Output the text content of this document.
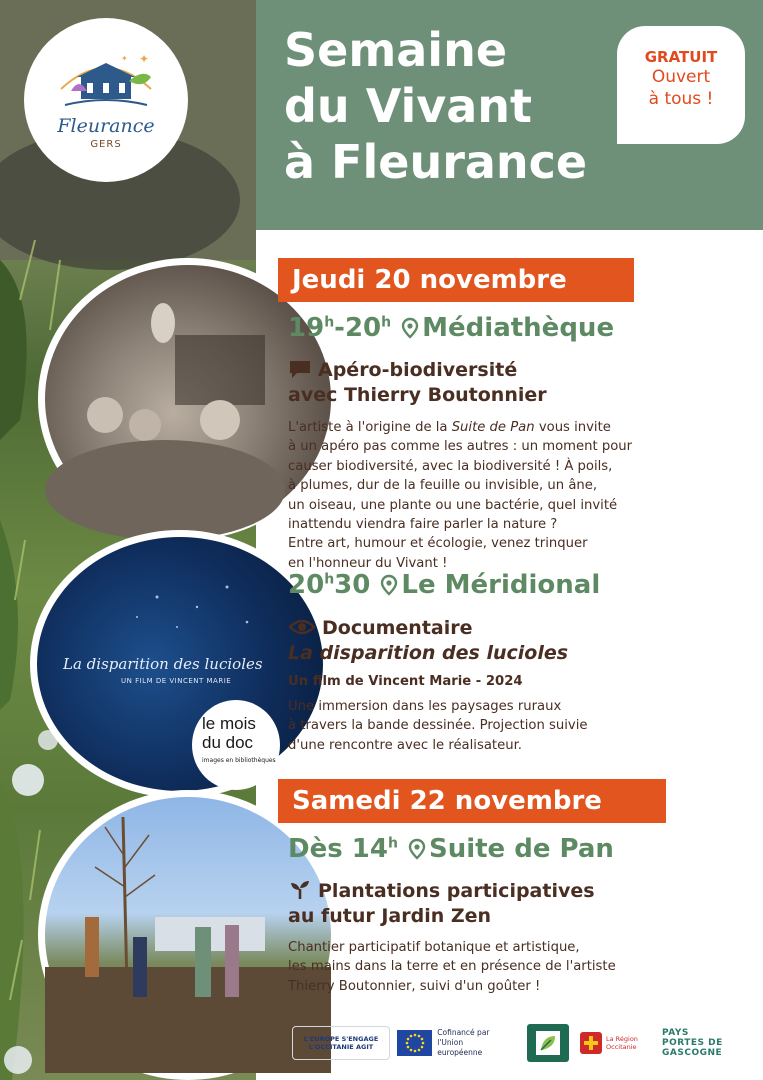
✦
✦
Fleurance
GERS
La disparition des lucioles
UN FILM DE VINCENT MARIE
le mois
du doc
images en bibliothèques
Semaine
du Vivant
à Fleurance
GRATUIT
Ouvert
à tous !
Jeudi 20 novembre
19$^h$-20$^h$ Médiathèque
Apéro-biodiversité
avec Thierry Boutonnier
L'artiste à l'origine de la Suite de Pan vous invite
à un apéro pas comme les autres : un moment pour
causer biodiversité, avec la biodiversité ! À poils,
à plumes, dur de la feuille ou invisible, un âne,
un oiseau, une plante ou une bactérie, quel invité
inattendu viendra faire parler la nature ?
Entre art, humour et écologie, venez trinquer
en l'honneur du Vivant !
20$^h$30 Le Méridional
Documentaire
La disparition des lucioles
Un film de Vincent Marie - 2024
Une immersion dans les paysages ruraux
à travers la bande dessinée. Projection suivie
d'une rencontre avec le réalisateur.
Samedi 22 novembre
Dès 14$^h$ Suite de Pan
Plantations participatives
au futur Jardin Zen
Chantier participatif botanique et artistique,
les mains dans la terre et en présence de l'artiste
Thierry Boutonnier, suivi d'un goûter !
L'EUROPE S'ENGAGE
L'OCCITANIE AGIT
Cofinancé par
l'Union européenne
La Région
Occitanie
PAYS
PORTES DE
GASCOGNE
